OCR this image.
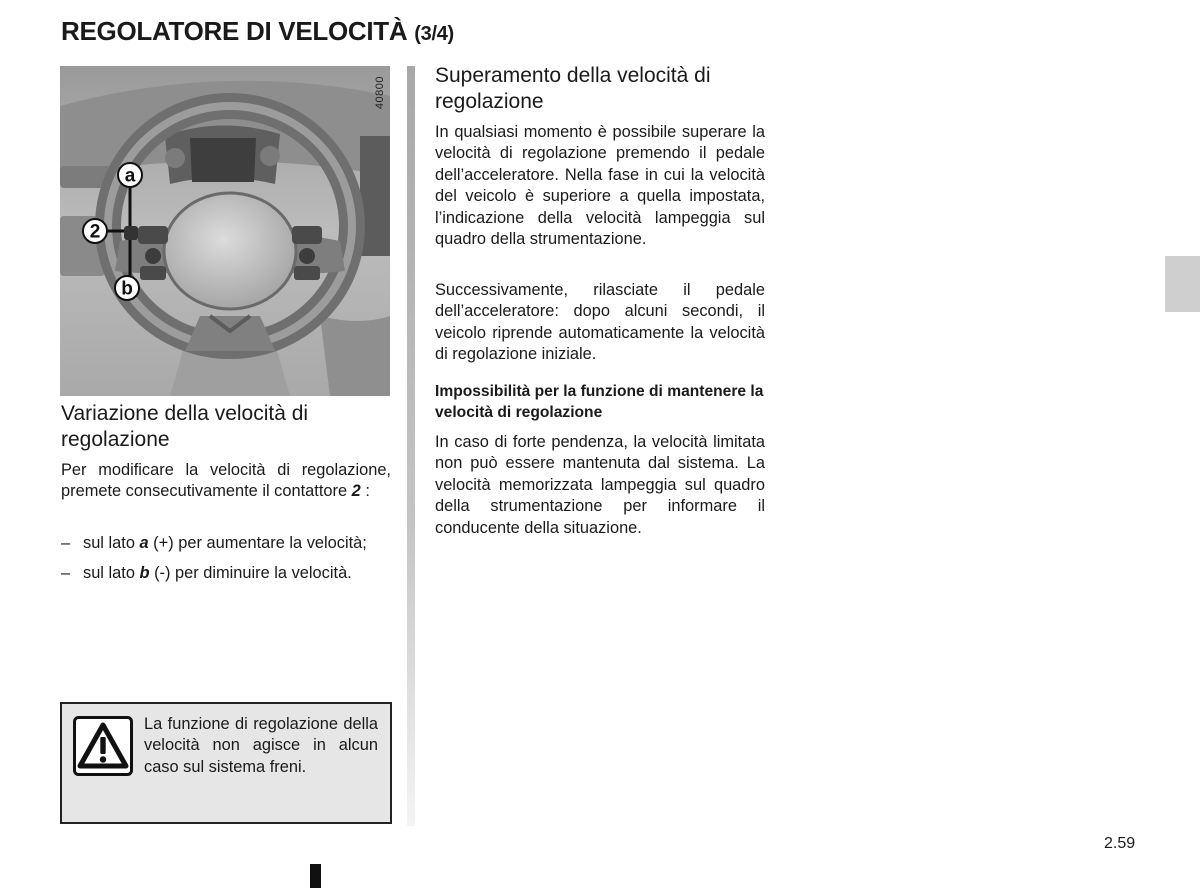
REGOLATORE DI VELOCITÀ (3/4)
a
2
b
40800
Variazione della velocità di regolazione

Per modificare la velocità di regolazione, premete consecutivamente il contattore 2 :

– sul lato a (+) per aumentare la velocità;
– sul lato b (-) per diminuire la velocità.

La funzione di regolazione della velocità non agisce in alcun caso sul sistema freni.

Superamento della velocità di regolazione

In qualsiasi momento è possibile superare la velocità di regolazione premendo il pedale dell’acceleratore. Nella fase in cui la velocità del veicolo è superiore a quella impostata, l’indicazione della velocità lampeggia sul quadro della strumentazione.

Successivamente, rilasciate il pedale dell’acceleratore: dopo alcuni secondi, il veicolo riprende automaticamente la velocità di regolazione iniziale.

Impossibilità per la funzione di mantenere la velocità di regolazione

In caso di forte pendenza, la velocità limitata non può essere mantenuta dal sistema. La velocità memorizzata lampeggia sul quadro della strumentazione per informare il conducente della situazione.

2.59
